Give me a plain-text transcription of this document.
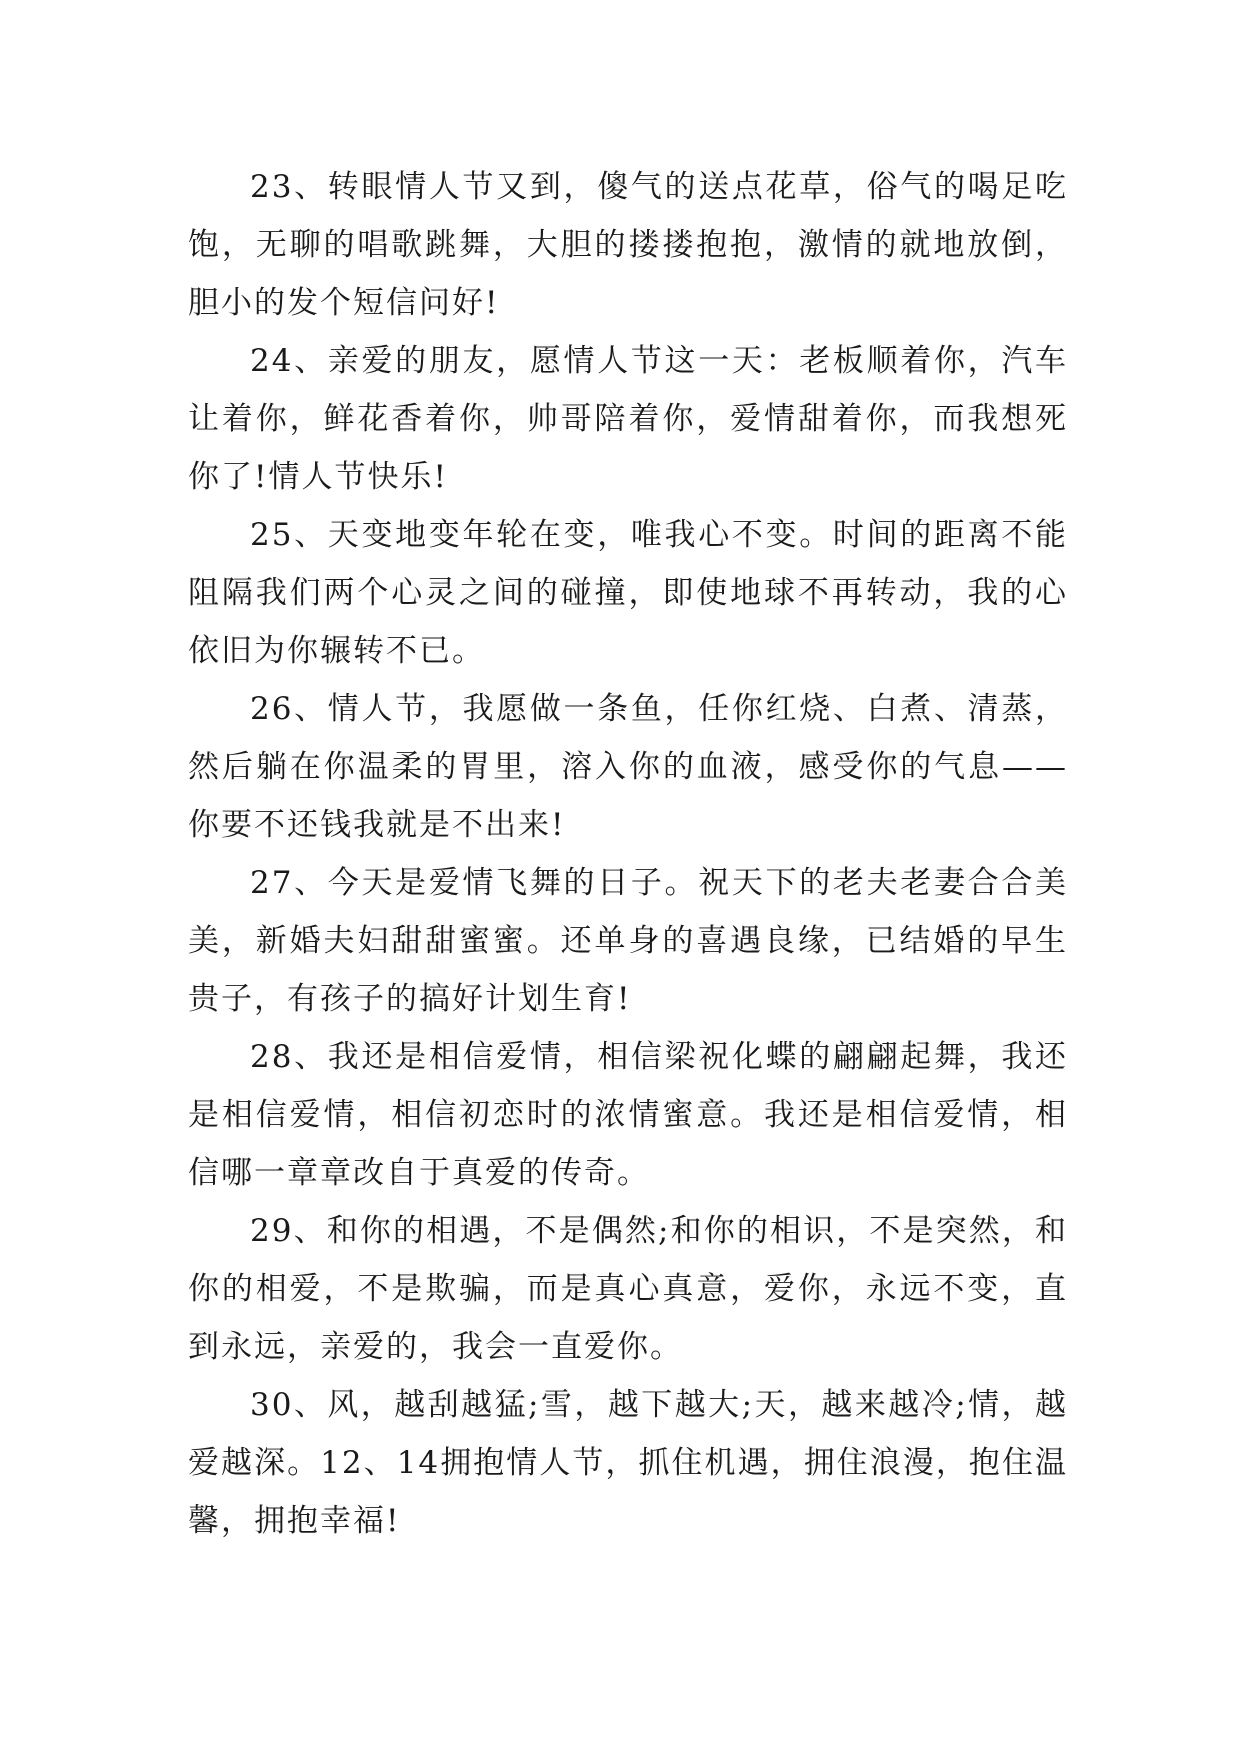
23、转眼情人节又到，傻气的送点花草，俗气的喝足吃饱，无聊的唱歌跳舞，大胆的搂搂抱抱，激情的就地放倒，胆小的发个短信问好!

24、亲爱的朋友，愿情人节这一天：老板顺着你，汽车让着你，鲜花香着你，帅哥陪着你，爱情甜着你，而我想死你了!情人节快乐!

25、天变地变年轮在变，唯我心不变。时间的距离不能阻隔我们两个心灵之间的碰撞，即使地球不再转动，我的心依旧为你辗转不已。

26、情人节，我愿做一条鱼，任你红烧、白煮、清蒸，然后躺在你温柔的胃里，溶入你的血液，感受你的气息——你要不还钱我就是不出来!

27、今天是爱情飞舞的日子。祝天下的老夫老妻合合美美，新婚夫妇甜甜蜜蜜。还单身的喜遇良缘，已结婚的早生贵子，有孩子的搞好计划生育!

28、我还是相信爱情，相信梁祝化蝶的翩翩起舞，我还是相信爱情，相信初恋时的浓情蜜意。我还是相信爱情，相信哪一章章改自于真爱的传奇。

29、和你的相遇，不是偶然;和你的相识，不是突然，和你的相爱，不是欺骗，而是真心真意，爱你，永远不变，直到永远，亲爱的，我会一直爱你。

30、风，越刮越猛;雪，越下越大;天，越来越冷;情，越爱越深。12、14拥抱情人节，抓住机遇，拥住浪漫，抱住温馨，拥抱幸福!
